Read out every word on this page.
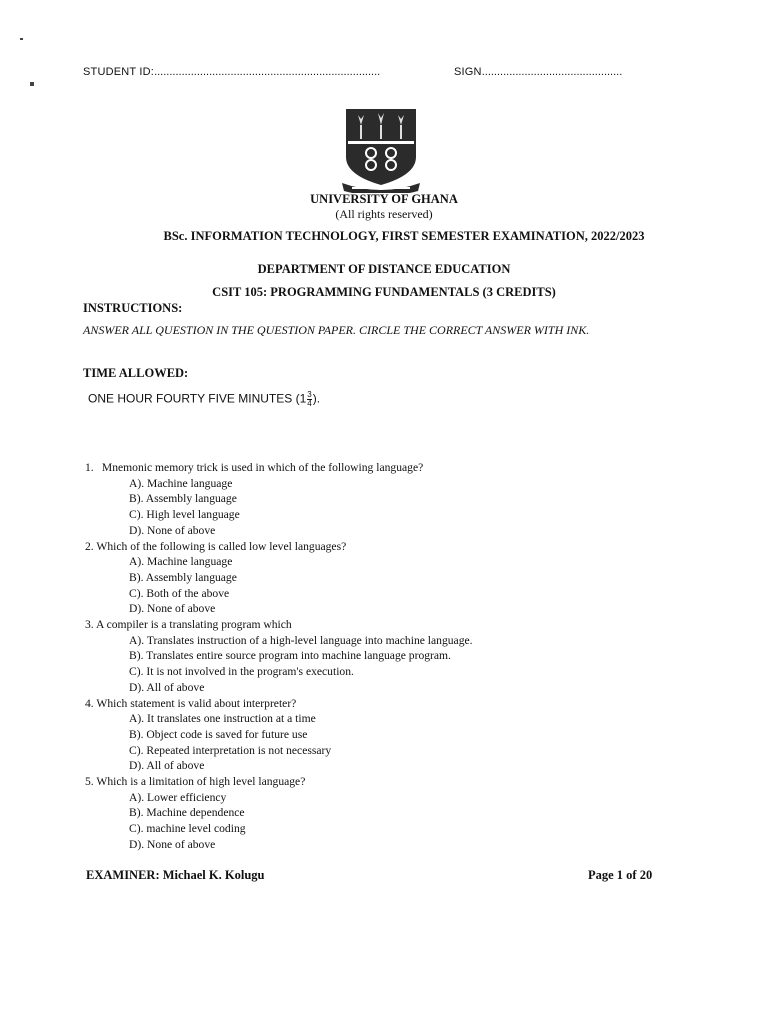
STUDENT ID:..........................................................................	SIGN..............................................
UNIVERSITY OF GHANA
(All rights reserved)
BSc. INFORMATION TECHNOLOGY, FIRST SEMESTER EXAMINATION, 2022/2023
DEPARTMENT OF DISTANCE EDUCATION
CSIT 105: PROGRAMMING FUNDAMENTALS (3 CREDITS)
INSTRUCTIONS:
ANSWER ALL QUESTION IN THE QUESTION PAPER. CIRCLE THE CORRECT ANSWER WITH INK.
TIME ALLOWED:
ONE HOUR FOURTY FIVE MINUTES ($1 \frac{3}{4}$ ).

1. Mnemonic memory trick is used in which of the following language?

A). Machine language

B). Assembly language

C). High level language

D). None of above

2. Which of the following is called low level languages?

A). Machine language

B). Assembly language

C). Both of the above

D). None of above

3. A compiler is a translating program which

A). Translates instruction of a high-level language into machine language.

B). Translates entire source program into machine language program.

C). It is not involved in the program's execution.

D). All of above

4. Which statement is valid about interpreter?

A). It translates one instruction at a time

B). Object code is saved for future use

C). Repeated interpretation is not necessary

D). All of above

5. Which is a limitation of high level language?

A). Lower efficiency

B). Machine dependence

C). machine level coding

D). None of above

EXAMINER: Michael K. Kolugu	Page 1 of 20
